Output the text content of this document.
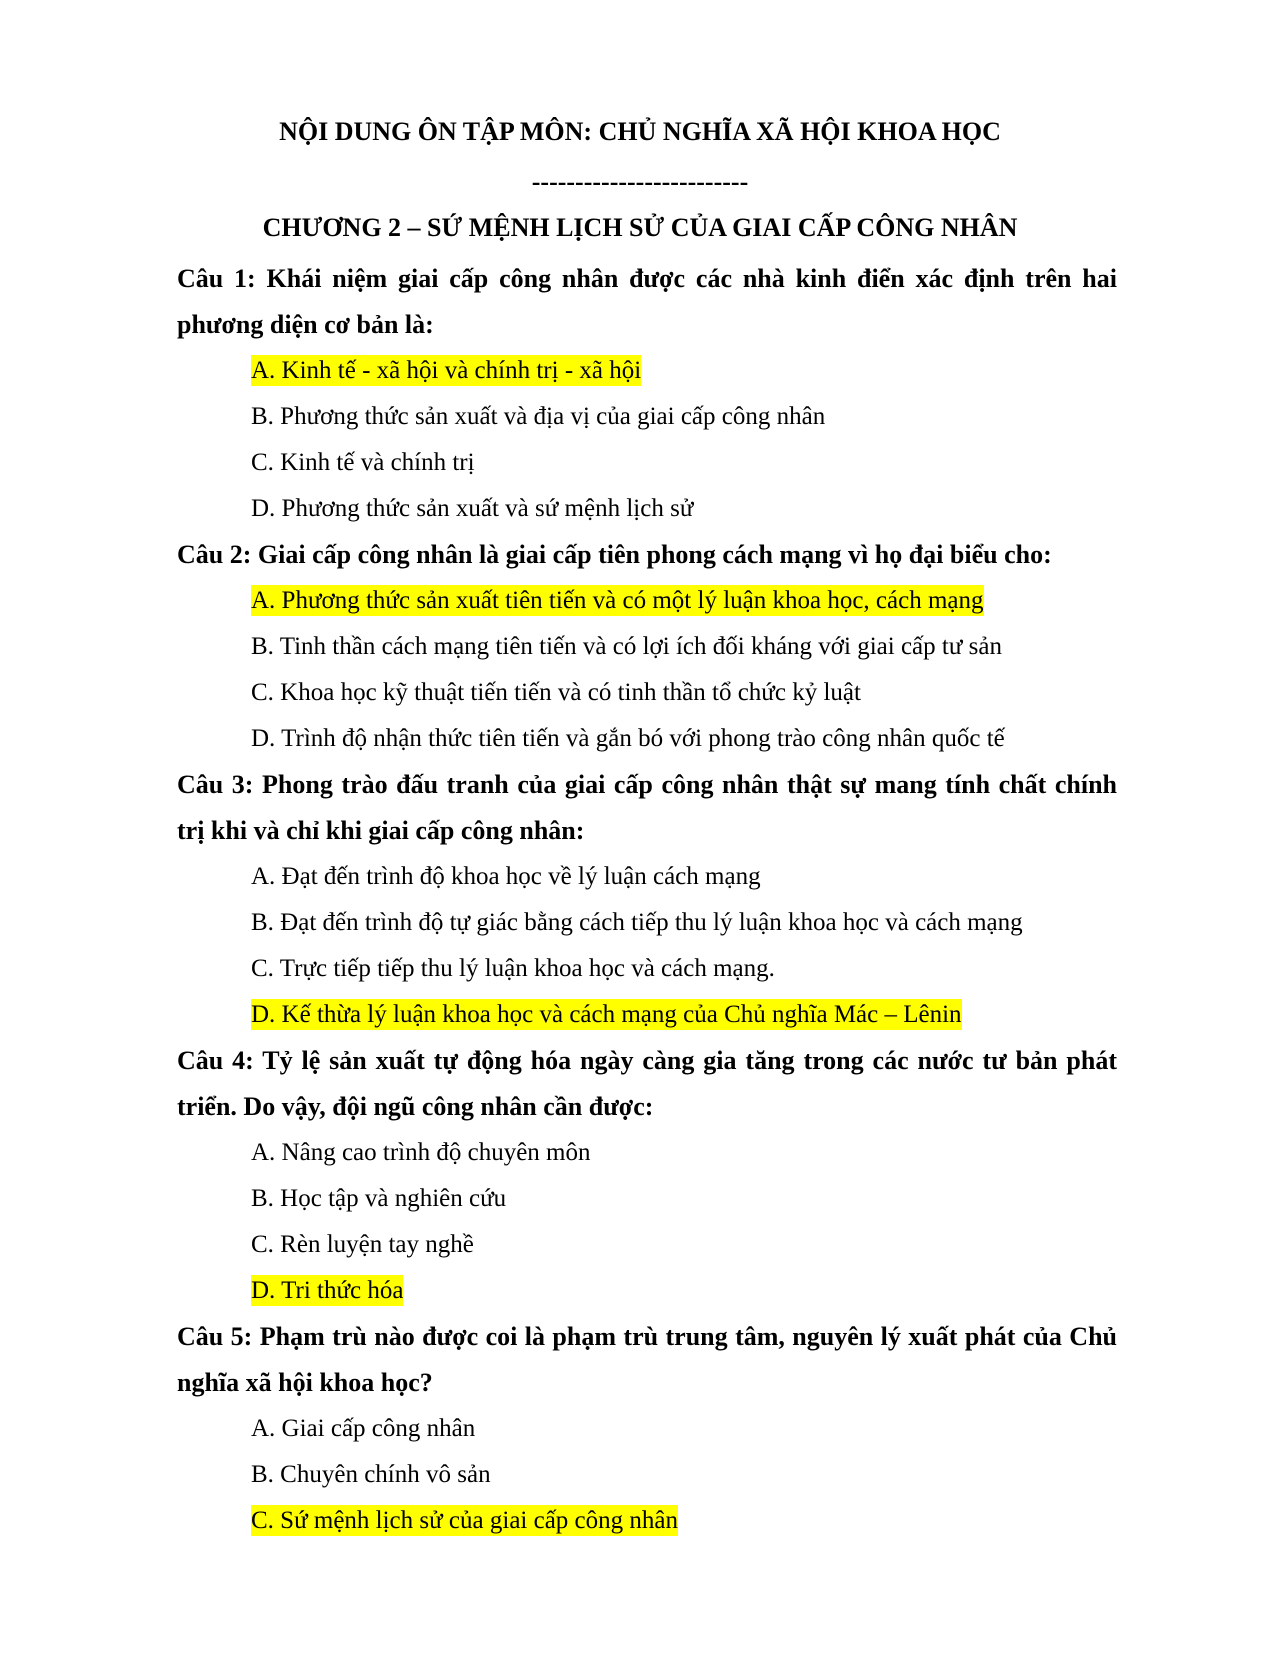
NỘI DUNG ÔN TẬP MÔN: CHỦ NGHĨA XÃ HỘI KHOA HỌC
-------------------------
CHƯƠNG 2 – SỨ MỆNH LỊCH SỬ CỦA GIAI CẤP CÔNG NHÂN
Câu 1: Khái niệm giai cấp công nhân được các nhà kinh điển xác định trên hai phương diện cơ bản là:
A. Kinh tế - xã hội và chính trị - xã hội
B. Phương thức sản xuất và địa vị của giai cấp công nhân
C. Kinh tế và chính trị
D. Phương thức sản xuất và sứ mệnh lịch sử
Câu 2: Giai cấp công nhân là giai cấp tiên phong cách mạng vì họ đại biểu cho:
A. Phương thức sản xuất tiên tiến và có một lý luận khoa học, cách mạng
B. Tinh thần cách mạng tiên tiến và có lợi ích đối kháng với giai cấp tư sản
C. Khoa học kỹ thuật tiến tiến và có tinh thần tổ chức kỷ luật
D. Trình độ nhận thức tiên tiến và gắn bó với phong trào công nhân quốc tế
Câu 3: Phong trào đấu tranh của giai cấp công nhân thật sự mang tính chất chính trị khi và chỉ khi giai cấp công nhân:
A. Đạt đến trình độ khoa học về lý luận cách mạng
B. Đạt đến trình độ tự giác bằng cách tiếp thu lý luận khoa học và cách mạng
C. Trực tiếp tiếp thu lý luận khoa học và cách mạng.
D. Kế thừa lý luận khoa học và cách mạng của Chủ nghĩa Mác – Lênin
Câu 4: Tỷ lệ sản xuất tự động hóa ngày càng gia tăng trong các nước tư bản phát triển. Do vậy, đội ngũ công nhân cần được:
A. Nâng cao trình độ chuyên môn
B. Học tập và nghiên cứu
C. Rèn luyện tay nghề
D. Tri thức hóa
Câu 5: Phạm trù nào được coi là phạm trù trung tâm, nguyên lý xuất phát của Chủ nghĩa xã hội khoa học?
A. Giai cấp công nhân
B. Chuyên chính vô sản
C. Sứ mệnh lịch sử của giai cấp công nhân
